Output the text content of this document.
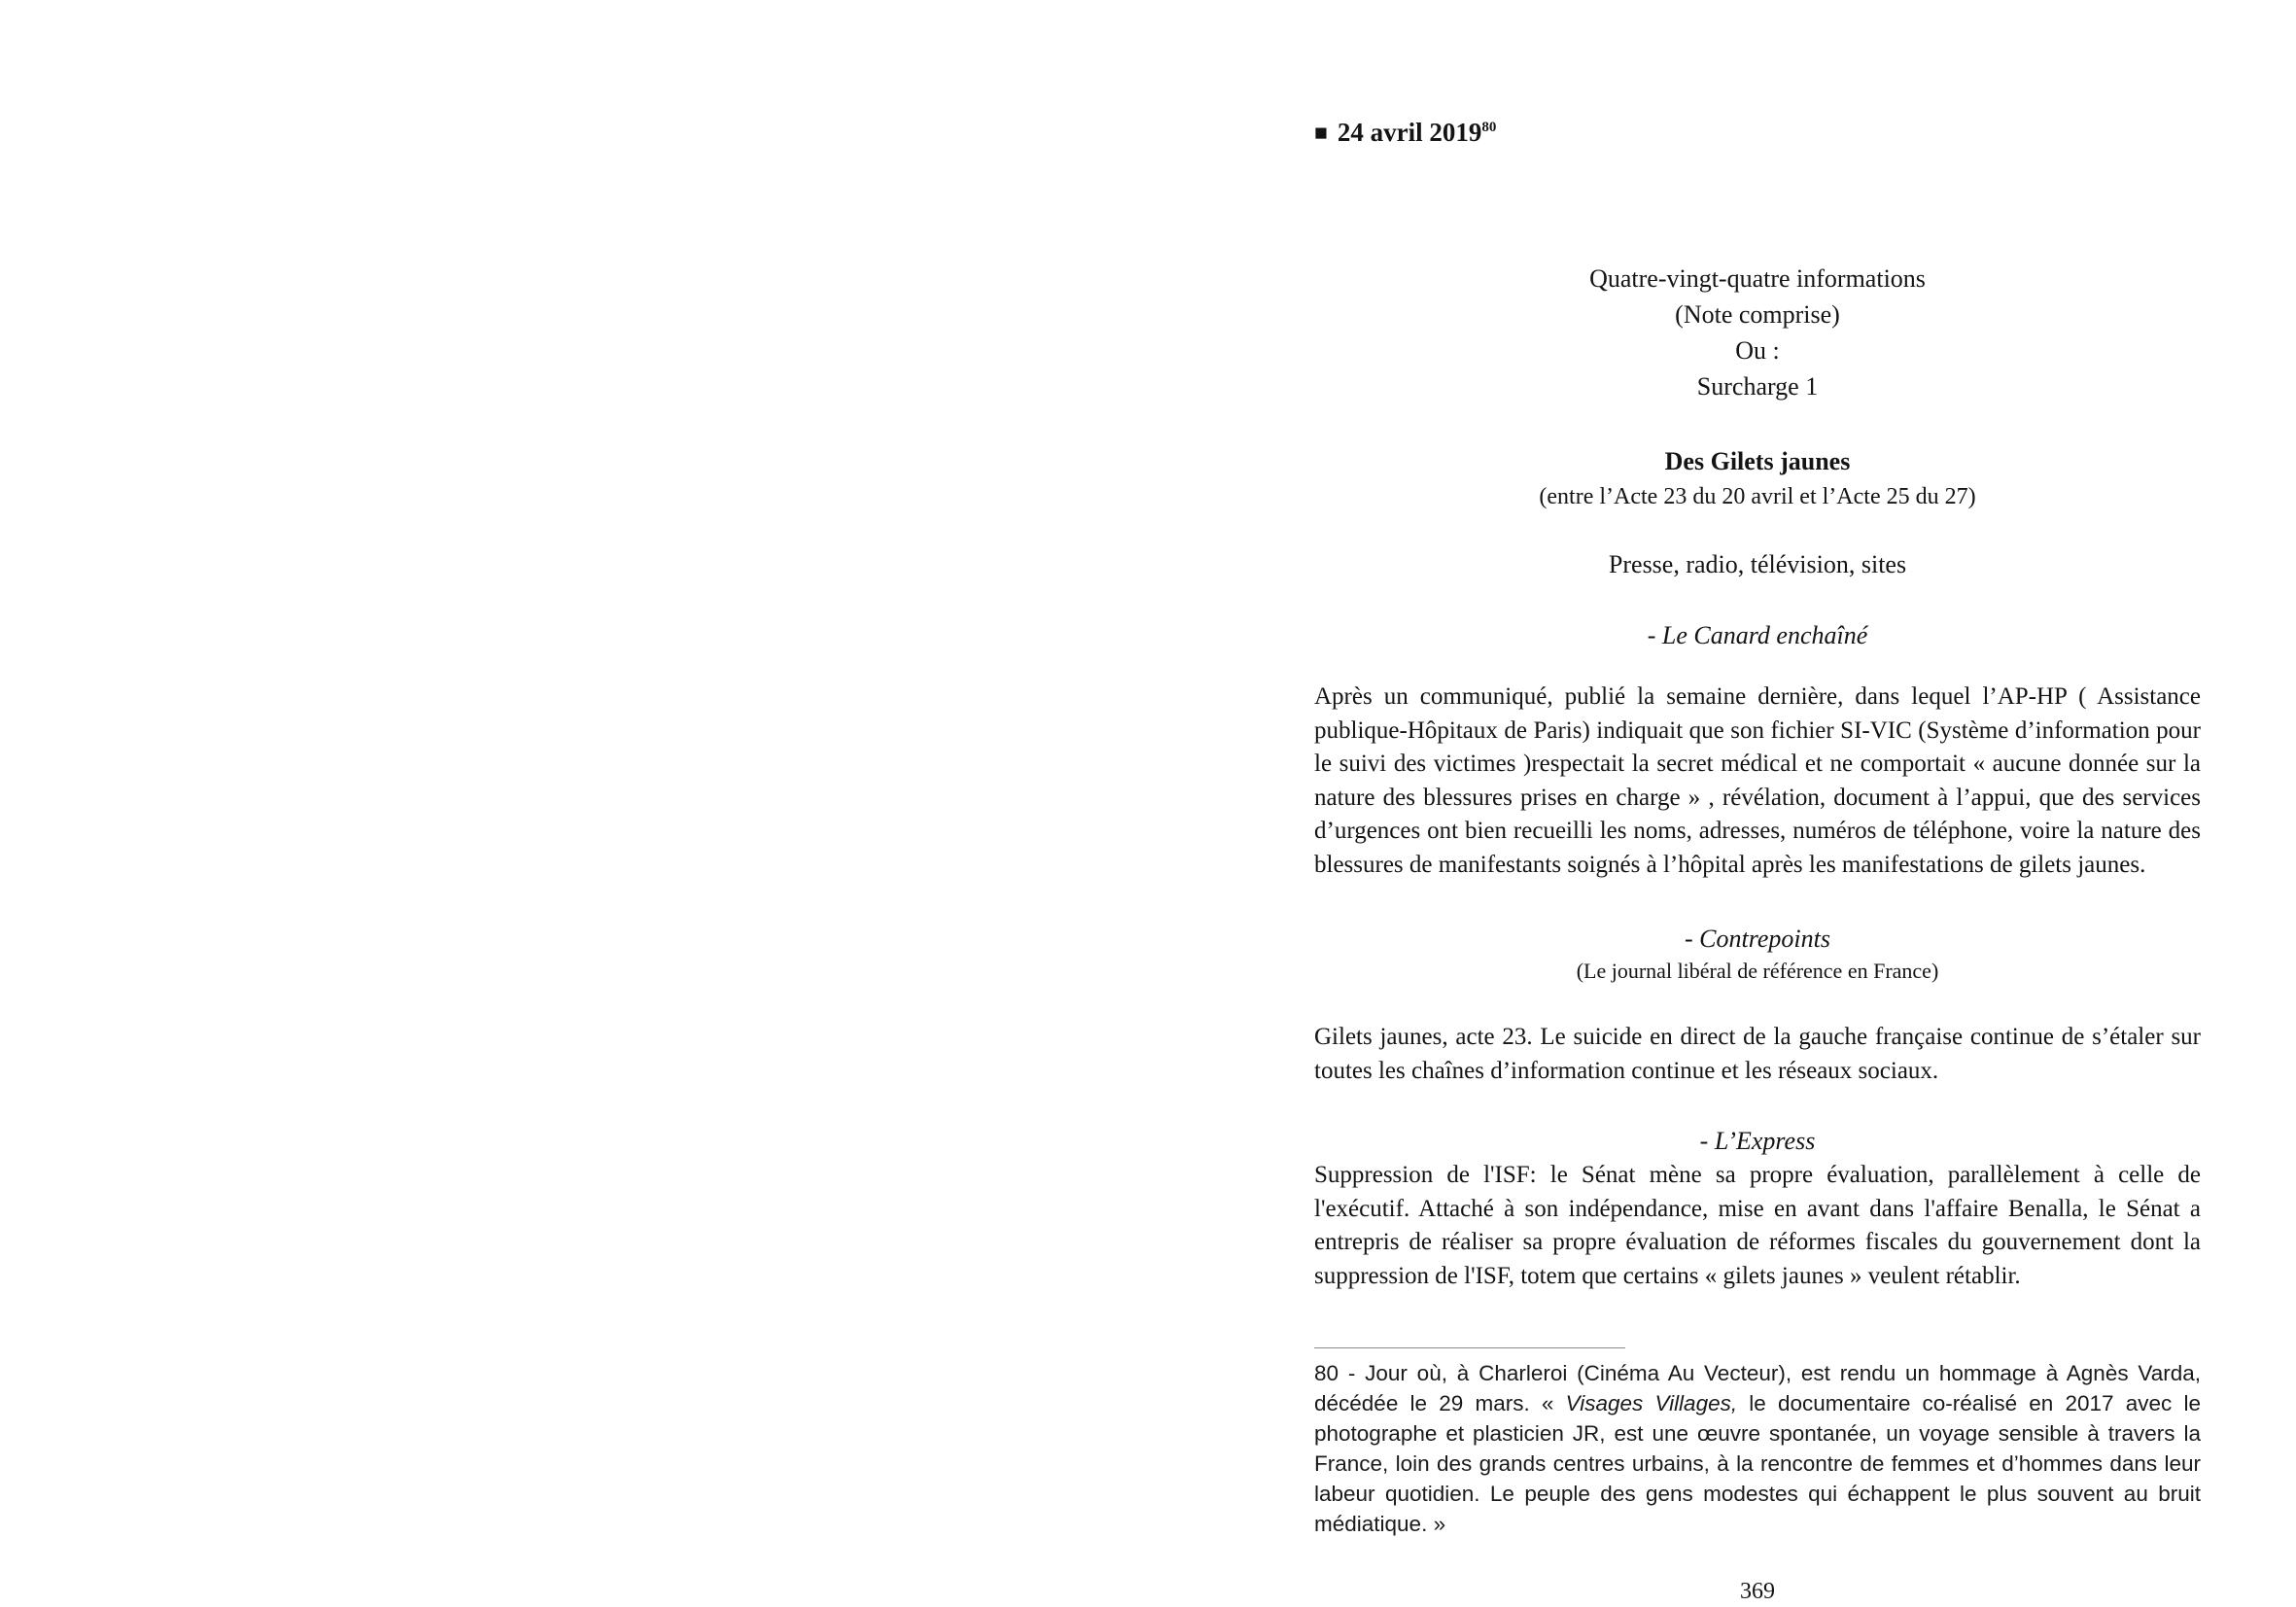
■ 24 avril 2019$^{80}$
Quatre-vingt-quatre informations
(Note comprise)
Ou :
Surcharge 1
Des Gilets jaunes
(entre l’Acte 23 du 20 avril et l’Acte 25 du 27)
Presse, radio, télévision, sites
- Le Canard enchaîné

Après un communiqué, publié la semaine dernière, dans lequel l’AP-HP ( Assistance publique-Hôpitaux de Paris) indiquait que son fichier SI-VIC (Système d’information pour le suivi des victimes )respectait la secret médical et ne comportait « aucune donnée sur la nature des blessures prises en charge » , révélation, document à l’appui, que des services d’urgences ont bien recueilli les noms, adresses, numéros de téléphone, voire la nature des blessures de manifestants soignés à l’hôpital après les manifestations de gilets jaunes.

- Contrepoints
(Le journal libéral de référence en France)

Gilets jaunes, acte 23. Le suicide en direct de la gauche française continue de s’étaler sur toutes les chaînes d’information continue et les réseaux sociaux.

- L’Express

Suppression de l'ISF: le Sénat mène sa propre évaluation, parallèlement à celle de l'exécutif. Attaché à son indépendance, mise en avant dans l'affaire Benalla, le Sénat a entrepris de réaliser sa propre évaluation de réformes fiscales du gouvernement dont la suppression de l'ISF, totem que certains « gilets jaunes » veulent rétablir.

80 - Jour où, à Charleroi (Cinéma Au Vecteur), est rendu un hommage à Agnès Varda, décédée le 29 mars. « Visages Villages, le documentaire co-réalisé en 2017 avec le photographe et plasticien JR, est une œuvre spontanée, un voyage sensible à travers la France, loin des grands centres urbains, à la rencontre de femmes et d’hommes dans leur labeur quotidien. Le peuple des gens modestes qui échappent le plus souvent au bruit médiatique. »

369
